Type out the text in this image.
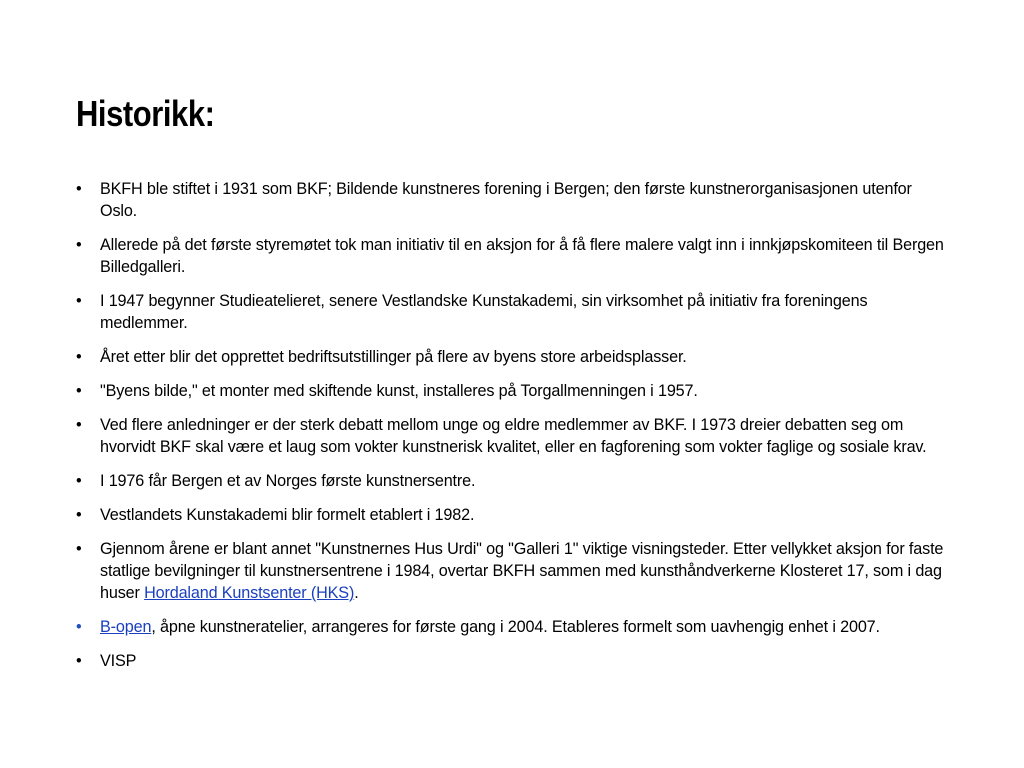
Historikk:
•	BKFH ble stiftet i 1931 som BKF; Bildende kunstneres forening i Bergen; den første kunstnerorganisasjonen utenfor Oslo.
•	Allerede på det første styremøtet tok man initiativ til en aksjon for å få flere malere valgt inn i innkjøpskomiteen til Bergen Billedgalleri.
•	I 1947 begynner Studieatelieret, senere Vestlandske Kunstakademi, sin virksomhet på initiativ fra foreningens medlemmer.
•	Året etter blir det opprettet bedriftsutstillinger på flere av byens store arbeidsplasser.
•	"Byens bilde," et monter med skiftende kunst, installeres på Torgallmenningen i 1957.
•	Ved flere anledninger er der sterk debatt mellom unge og eldre medlemmer av BKF. I 1973 dreier debatten seg om hvorvidt BKF skal være et laug som vokter kunstnerisk kvalitet, eller en fagforening som vokter faglige og sosiale krav.
•	I 1976 får Bergen et av Norges første kunstnersentre.
•	Vestlandets Kunstakademi blir formelt etablert i 1982.
•	Gjennom årene er blant annet "Kunstnernes Hus Urdi" og "Galleri 1" viktige visningsteder. Etter vellykket aksjon for faste statlige bevilgninger til kunstnersentrene i 1984, overtar BKFH sammen med kunsthåndverkerne Klosteret 17, som i dag huser Hordaland Kunstsenter (HKS).
•	B-open, åpne kunstneratelier, arrangeres for første gang i 2004. Etableres formelt som uavhengig enhet i 2007.
•	VISP
